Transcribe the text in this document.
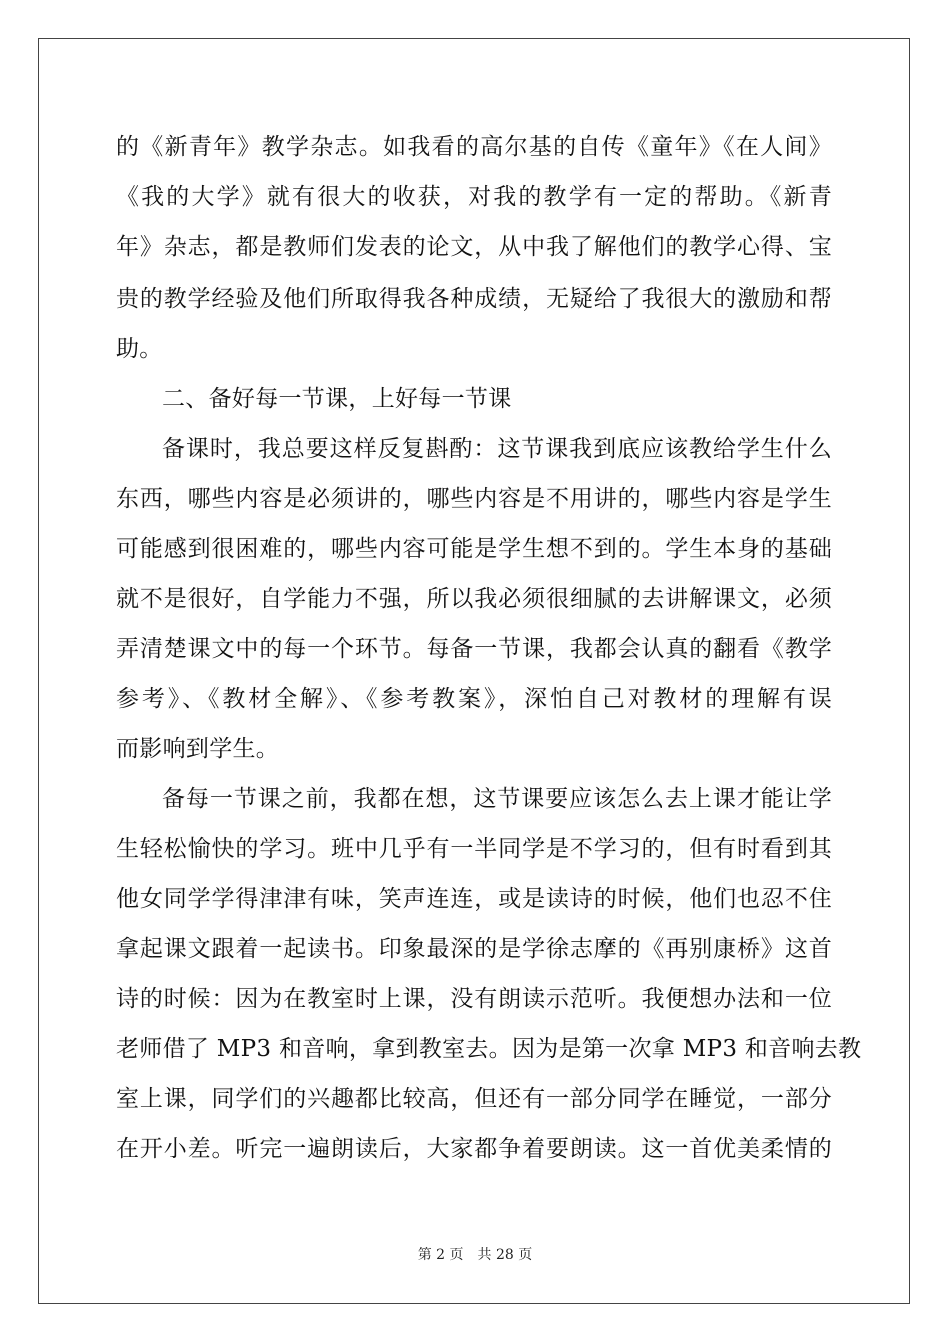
的《新青年》教学杂志。如我看的高尔基的自传《童年》《在人间》
《我的大学》就有很大的收获，对我的教学有一定的帮助。《新青
年》杂志，都是教师们发表的论文，从中我了解他们的教学心得、宝
贵的教学经验及他们所取得我各种成绩，无疑给了我很大的激励和帮
助。
二、备好每一节课，上好每一节课
备课时，我总要这样反复斟酌：这节课我到底应该教给学生什么
东西，哪些内容是必须讲的，哪些内容是不用讲的，哪些内容是学生
可能感到很困难的，哪些内容可能是学生想不到的。学生本身的基础
就不是很好，自学能力不强，所以我必须很细腻的去讲解课文，必须
弄清楚课文中的每一个环节。每备一节课，我都会认真的翻看《教学
参考》、《教材全解》、《参考教案》，深怕自己对教材的理解有误
而影响到学生。
备每一节课之前，我都在想，这节课要应该怎么去上课才能让学
生轻松愉快的学习。班中几乎有一半同学是不学习的，但有时看到其
他女同学学得津津有味，笑声连连，或是读诗的时候，他们也忍不住
拿起课文跟着一起读书。印象最深的是学徐志摩的《再别康桥》这首
诗的时候：因为在教室时上课，没有朗读示范听。我便想办法和一位
老师借了 MP3 和音响，拿到教室去。因为是第一次拿 MP3 和音响去教
室上课，同学们的兴趣都比较高，但还有一部分同学在睡觉，一部分
在开小差。听完一遍朗读后，大家都争着要朗读。这一首优美柔情的
第 2 页 共 28 页
